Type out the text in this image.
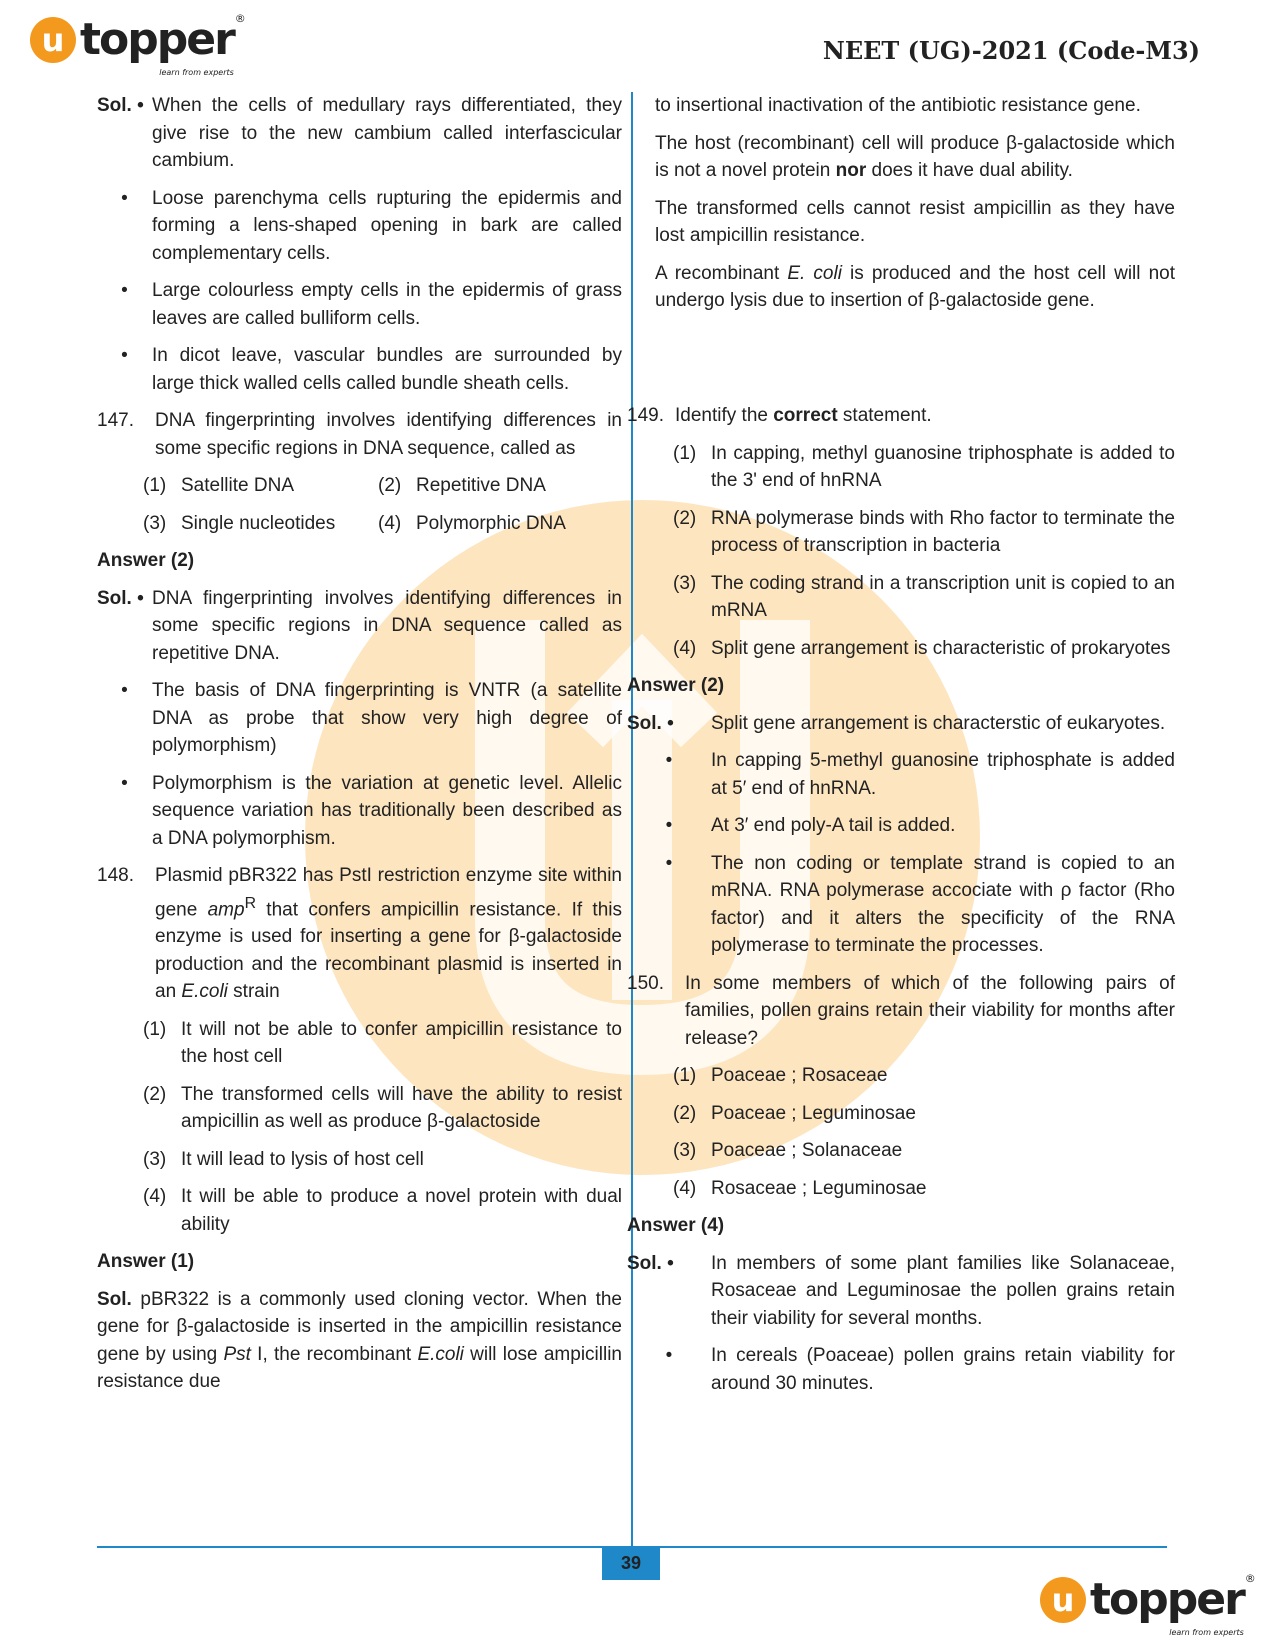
u topper ®
learn from experts
NEET (UG)-2021 (Code-M3)
Sol. • When the cells of medullary rays differentiated, they give rise to the new cambium called interfascicular cambium.
•	Loose parenchyma cells rupturing the epidermis and forming a lens-shaped opening in bark are called complementary cells.
•	Large colourless empty cells in the epidermis of grass leaves are called bulliform cells.
•	In dicot leave, vascular bundles are surrounded by large thick walled cells called bundle sheath cells.
147.	DNA fingerprinting involves identifying differences in some specific regions in DNA sequence, called as
(1) Satellite DNA	(2) Repetitive DNA
(3) Single nucleotides (4) Polymorphic DNA
Answer (2)
Sol. • DNA fingerprinting involves identifying differences in some specific regions in DNA sequence called as repetitive DNA.
•	The basis of DNA fingerprinting is VNTR (a satellite DNA as probe that show very high degree of polymorphism)
•	Polymorphism is the variation at genetic level. Allelic sequence variation has traditionally been described as a DNA polymorphism.
148.	Plasmid pBR322 has PstI restriction enzyme site within gene amp$^R$ that confers ampicillin resistance. If this enzyme is used for inserting a gene for β-galactoside production and the recombinant plasmid is inserted in an E.coli strain
(1) It will not be able to confer ampicillin resistance to the host cell
(2) The transformed cells will have the ability to resist ampicillin as well as produce β-galactoside
(3) It will lead to lysis of host cell
(4) It will be able to produce a novel protein with dual ability
Answer (1)
Sol. pBR322 is a commonly used cloning vector. When the gene for β-galactoside is inserted in the ampicillin resistance gene by using Pst I, the recombinant E.coli will lose ampicillin resistance due
to insertional inactivation of the antibiotic resistance gene.
The host (recombinant) cell will produce β-galactoside which is not a novel protein nor does it have dual ability.
The transformed cells cannot resist ampicillin as they have lost ampicillin resistance.
A recombinant E. coli is produced and the host cell will not undergo lysis due to insertion of β-galactoside gene.
149. Identify the correct statement.
(1) In capping, methyl guanosine triphosphate is added to the 3' end of hnRNA
(2) RNA polymerase binds with Rho factor to terminate the process of transcription in bacteria
(3) The coding strand in a transcription unit is copied to an mRNA
(4) Split gene arrangement is characteristic of prokaryotes
Answer (2)
Sol. •	Split gene arrangement is characterstic of eukaryotes.
•	In capping 5-methyl guanosine triphosphate is added at 5′ end of hnRNA.
•	At 3′ end poly-A tail is added.
•	The non coding or template strand is copied to an mRNA. RNA polymerase accociate with ρ factor (Rho factor) and it alters the specificity of the RNA polymerase to terminate the processes.
150.	In some members of which of the following pairs of families, pollen grains retain their viability for months after release?
(1) Poaceae ; Rosaceae
(2) Poaceae ; Leguminosae
(3) Poaceae ; Solanaceae
(4) Rosaceae ; Leguminosae
Answer (4)
Sol. •	In members of some plant families like Solanaceae, Rosaceae and Leguminosae the pollen grains retain their viability for several months.
•	In cereals (Poaceae) pollen grains retain viability for around 30 minutes.
39
u topper ®
learn from experts
